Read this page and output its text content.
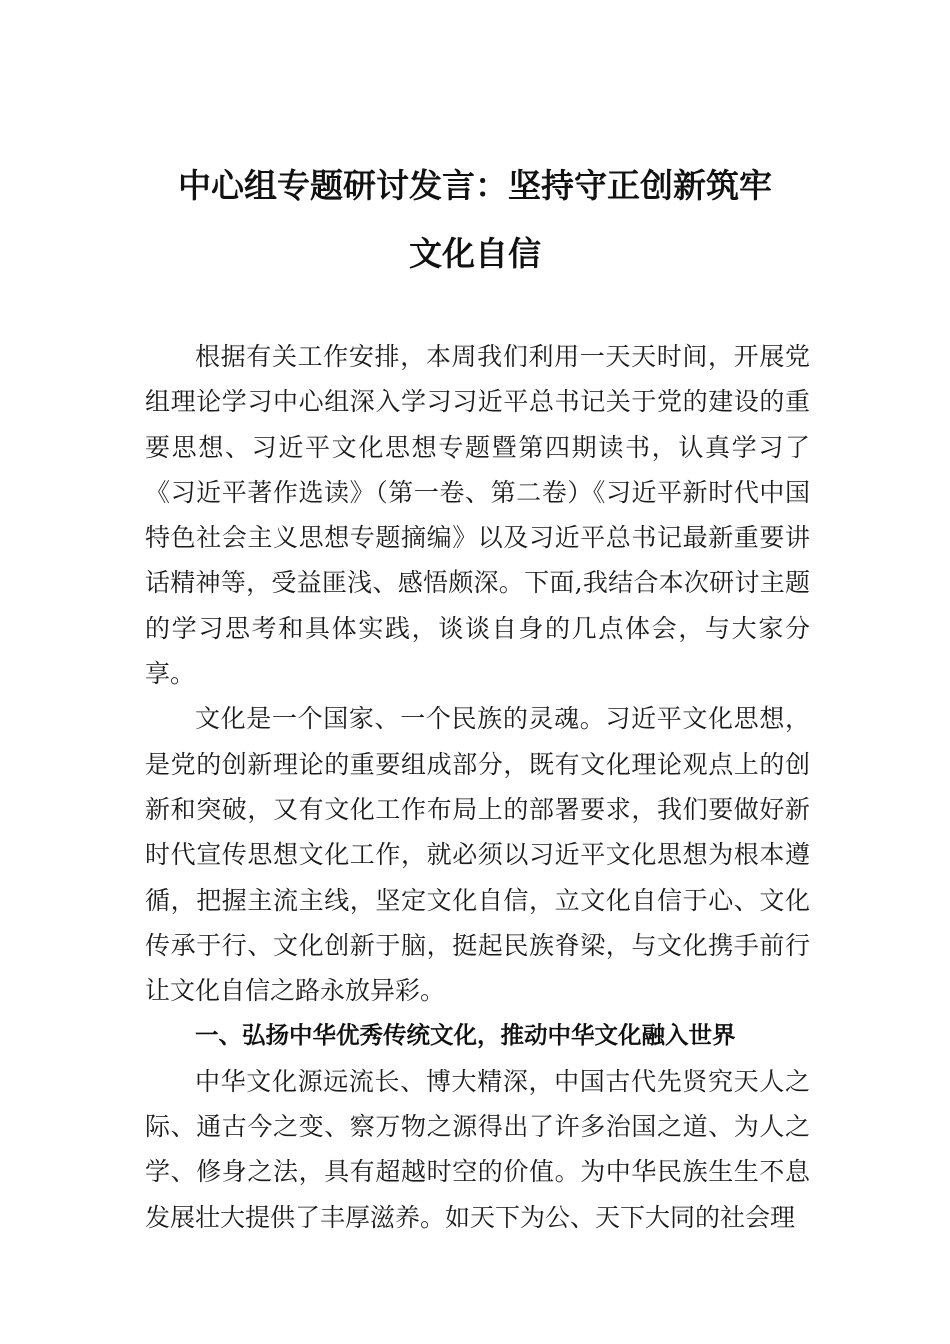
中心组专题研讨发言：坚持守正创新筑牢
文化自信

根据有关工作安排，本周我们利用一天天时间，开展党组理论学习中心组深入学习习近平总书记关于党的建设的重要思想、习近平文化思想专题暨第四期读书，认真学习了《习近平著作选读》（第一卷、第二卷）《习近平新时代中国特色社会主义思想专题摘编》以及习近平总书记最新重要讲话精神等，受益匪浅、感悟颇深。下面,我结合本次研讨主题的学习思考和具体实践，谈谈自身的几点体会，与大家分享。

文化是一个国家、一个民族的灵魂。习近平文化思想，是党的创新理论的重要组成部分，既有文化理论观点上的创新和突破，又有文化工作布局上的部署要求，我们要做好新时代宣传思想文化工作，就必须以习近平文化思想为根本遵循，把握主流主线，坚定文化自信，立文化自信于心、文化传承于行、文化创新于脑，挺起民族脊梁，与文化携手前行让文化自信之路永放异彩。

一、弘扬中华优秀传统文化，推动中华文化融入世界

中华文化源远流长、博大精深，中国古代先贤究天人之际、通古今之变、察万物之源得出了许多治国之道、为人之学、修身之法，具有超越时空的价值。为中华民族生生不息发展壮大提供了丰厚滋养。如天下为公、天下大同的社会理
